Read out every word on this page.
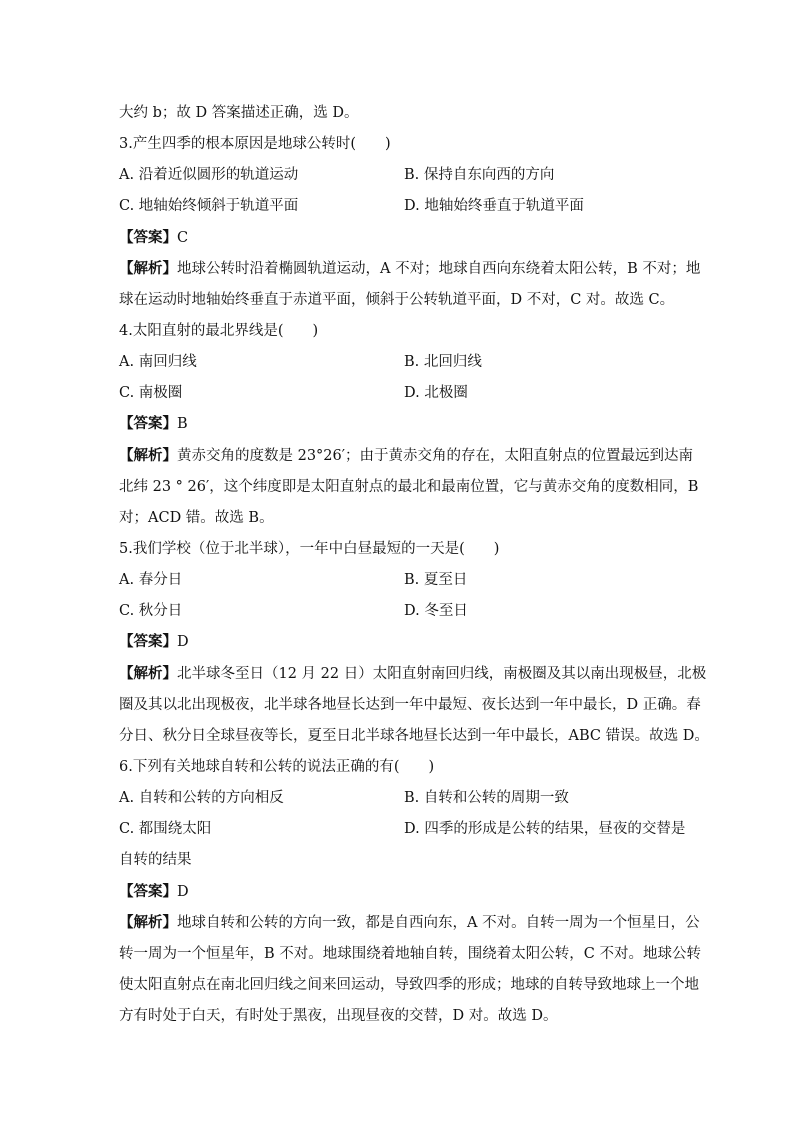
大约 b；故 D 答案描述正确，选 D。
3.产生四季的根本原因是地球公转时(　　)
A. 沿着近似圆形的轨道运动	B. 保持自东向西的方向
C. 地轴始终倾斜于轨道平面	D. 地轴始终垂直于轨道平面
【答案】C
【解析】地球公转时沿着椭圆轨道运动，A 不对；地球自西向东绕着太阳公转，B 不对；地
球在运动时地轴始终垂直于赤道平面，倾斜于公转轨道平面，D 不对，C 对。故选 C。
4.太阳直射的最北界线是(　　)
A. 南回归线	B. 北回归线
C. 南极圈	D. 北极圈
【答案】B
【解析】黄赤交角的度数是 23°26′；由于黄赤交角的存在，太阳直射点的位置最远到达南
北纬 23 ° 26′，这个纬度即是太阳直射点的最北和最南位置，它与黄赤交角的度数相同，B
对；ACD 错。故选 B。
5.我们学校（位于北半球），一年中白昼最短的一天是(　　)
A. 春分日	B. 夏至日
C. 秋分日	D. 冬至日
【答案】D
【解析】北半球冬至日（12 月 22 日）太阳直射南回归线，南极圈及其以南出现极昼，北极
圈及其以北出现极夜，北半球各地昼长达到一年中最短、夜长达到一年中最长，D 正确。春
分日、秋分日全球昼夜等长，夏至日北半球各地昼长达到一年中最长，ABC 错误。故选 D。
6.下列有关地球自转和公转的说法正确的有(　　)
A. 自转和公转的方向相反	B. 自转和公转的周期一致
C. 都围绕太阳	D. 四季的形成是公转的结果，昼夜的交替是
自转的结果
【答案】D
【解析】地球自转和公转的方向一致，都是自西向东，A 不对。自转一周为一个恒星日，公
转一周为一个恒星年，B 不对。地球围绕着地轴自转，围绕着太阳公转，C 不对。地球公转
使太阳直射点在南北回归线之间来回运动，导致四季的形成；地球的自转导致地球上一个地
方有时处于白天，有时处于黑夜，出现昼夜的交替，D 对。故选 D。
